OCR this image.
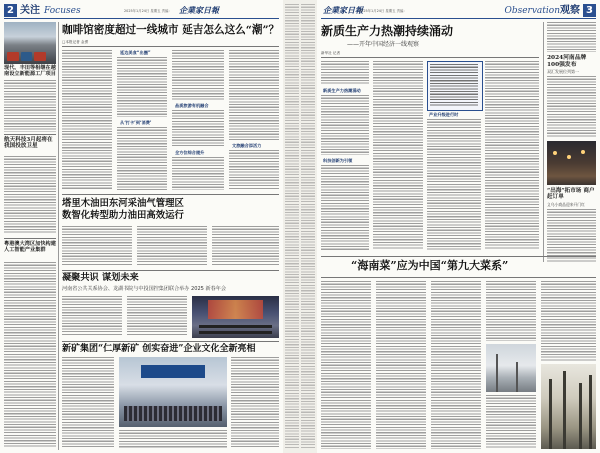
2 关注 Focuses	2025年1月24日 星期五 责编： 企業家日報
现代、丰田等相继在越南设立新能源工厂项目
航天科技3月起将在我国投放卫星
粤港澳大湾区加快构建人工智能产业集群
咖啡馆密度超过一线城市 延吉怎么这么“潮”？
□本报记者 金勇
延边美食“出圈”
从‘打卡’到‘消费’
品质旅游有机融合
全方位综合提升
文旅融合添活力
塔里木油田东河采油气管理区
数智化转型助力油田高效运行
凝聚共识 谋划未来
河南省公共关系协会、龙湖书院与中投国控集团联合举办 2025 新春年会
新矿集团“仁厚新矿 创实奋进”企业文化全新亮相
企業家日報
2025年1月24日 星期五 责编：	Observation 观察 3
新质生产力热潮持续涌动
——开年中国经济一线观察
新华社 记者
新质生产力热潮涌动
科技创新为引领
产业升级进行时
2024河南品牌100强发布
双汇发展位列第一
“出海”拓市场 商户赶订单
义乌小商品迎来开门红
“海南菜”应为中国“第九大菜系”
